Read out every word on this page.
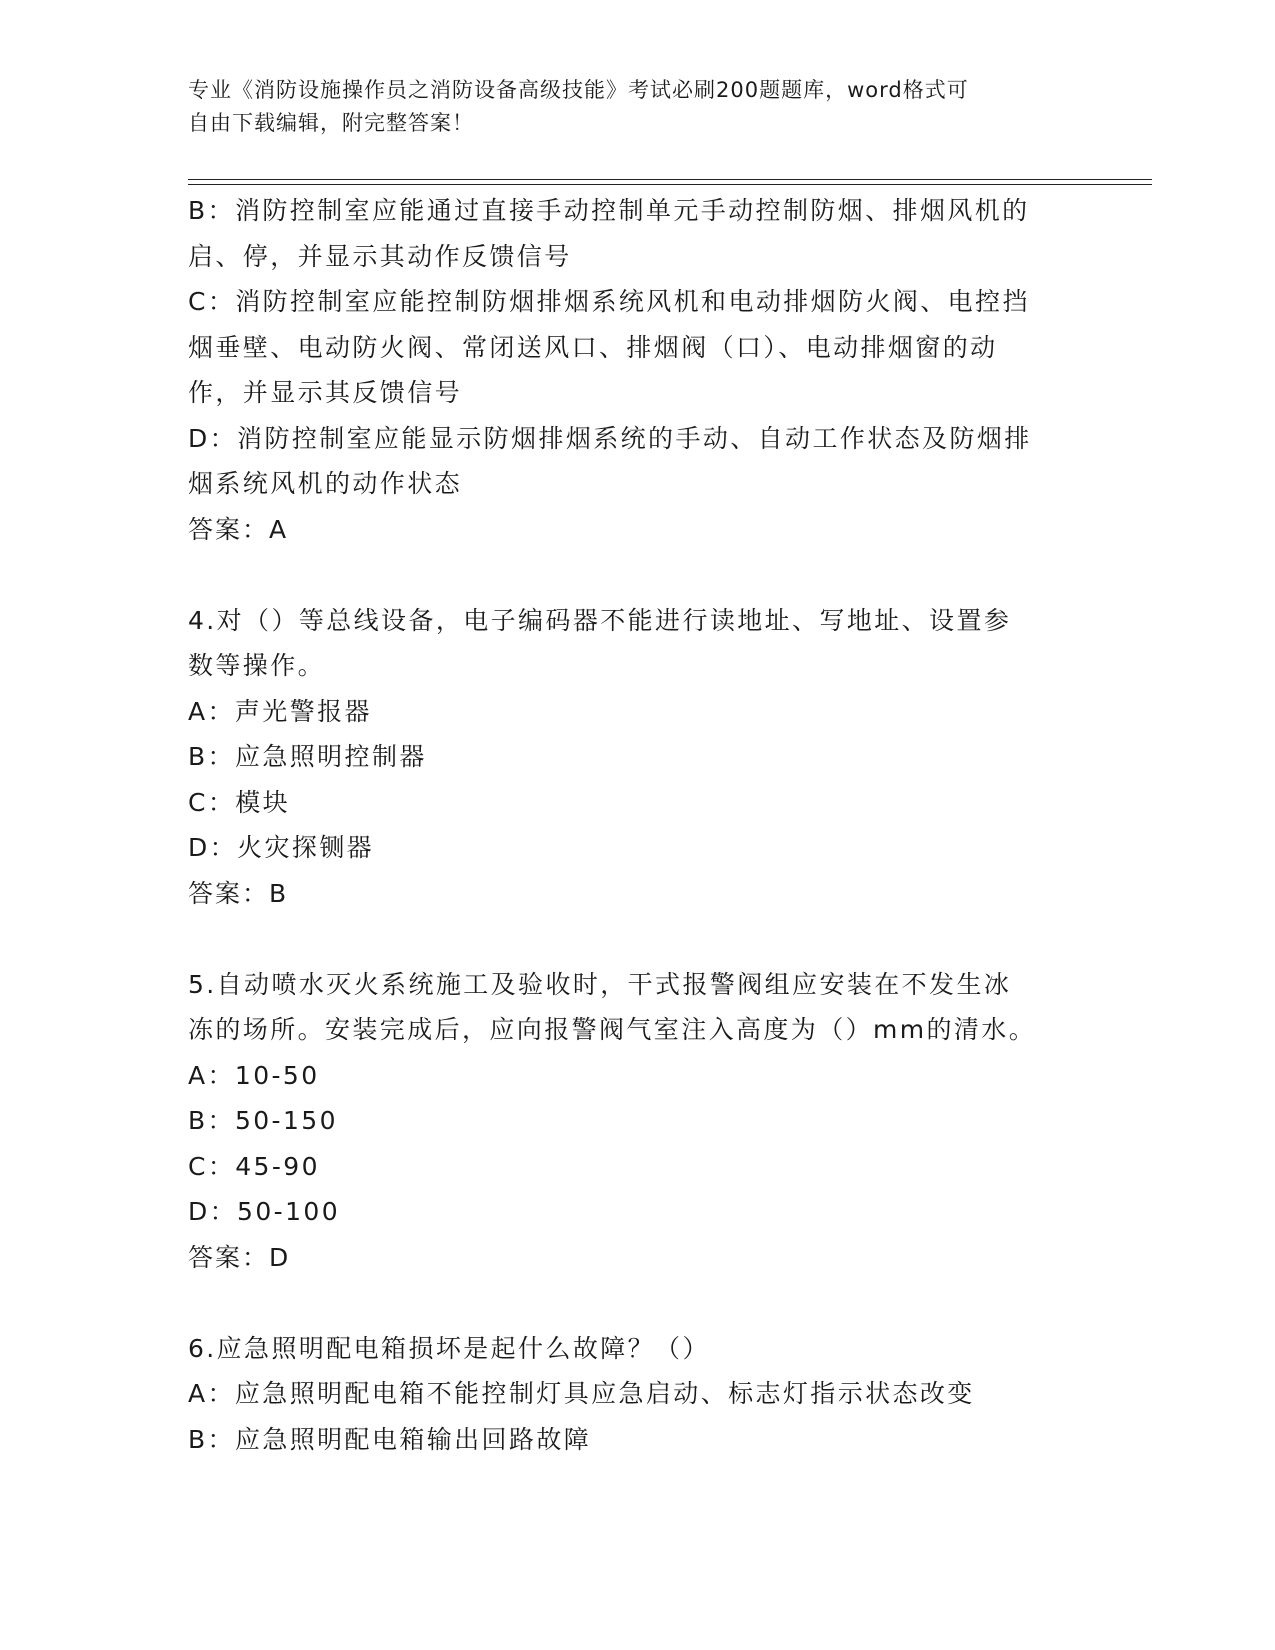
专业《消防设施操作员之消防设备高级技能》考试必刷200题题库，word格式可
自由下载编辑，附完整答案！
B：消防控制室应能通过直接手动控制单元手动控制防烟、排烟风机的
启、停，并显示其动作反馈信号
C：消防控制室应能控制防烟排烟系统风机和电动排烟防火阀、电控挡
烟垂壁、电动防火阀、常闭送风口、排烟阀（口）、电动排烟窗的动
作，并显示其反馈信号
D：消防控制室应能显示防烟排烟系统的手动、自动工作状态及防烟排
烟系统风机的动作状态
答案：A
4.对（）等总线设备，电子编码器不能进行读地址、写地址、设置参
数等操作。
A：声光警报器
B：应急照明控制器
C：模块
D：火灾探铡器
答案：B
5.自动喷水灭火系统施工及验收时，干式报警阀组应安装在不发生冰
冻的场所。安装完成后，应向报警阀气室注入高度为（）mm的清水。
A：10-50
B：50-150
C：45-90
D：50-100
答案：D
6.应急照明配电箱损坏是起什么故障？（）
A：应急照明配电箱不能控制灯具应急启动、标志灯指示状态改变
B：应急照明配电箱输出回路故障
